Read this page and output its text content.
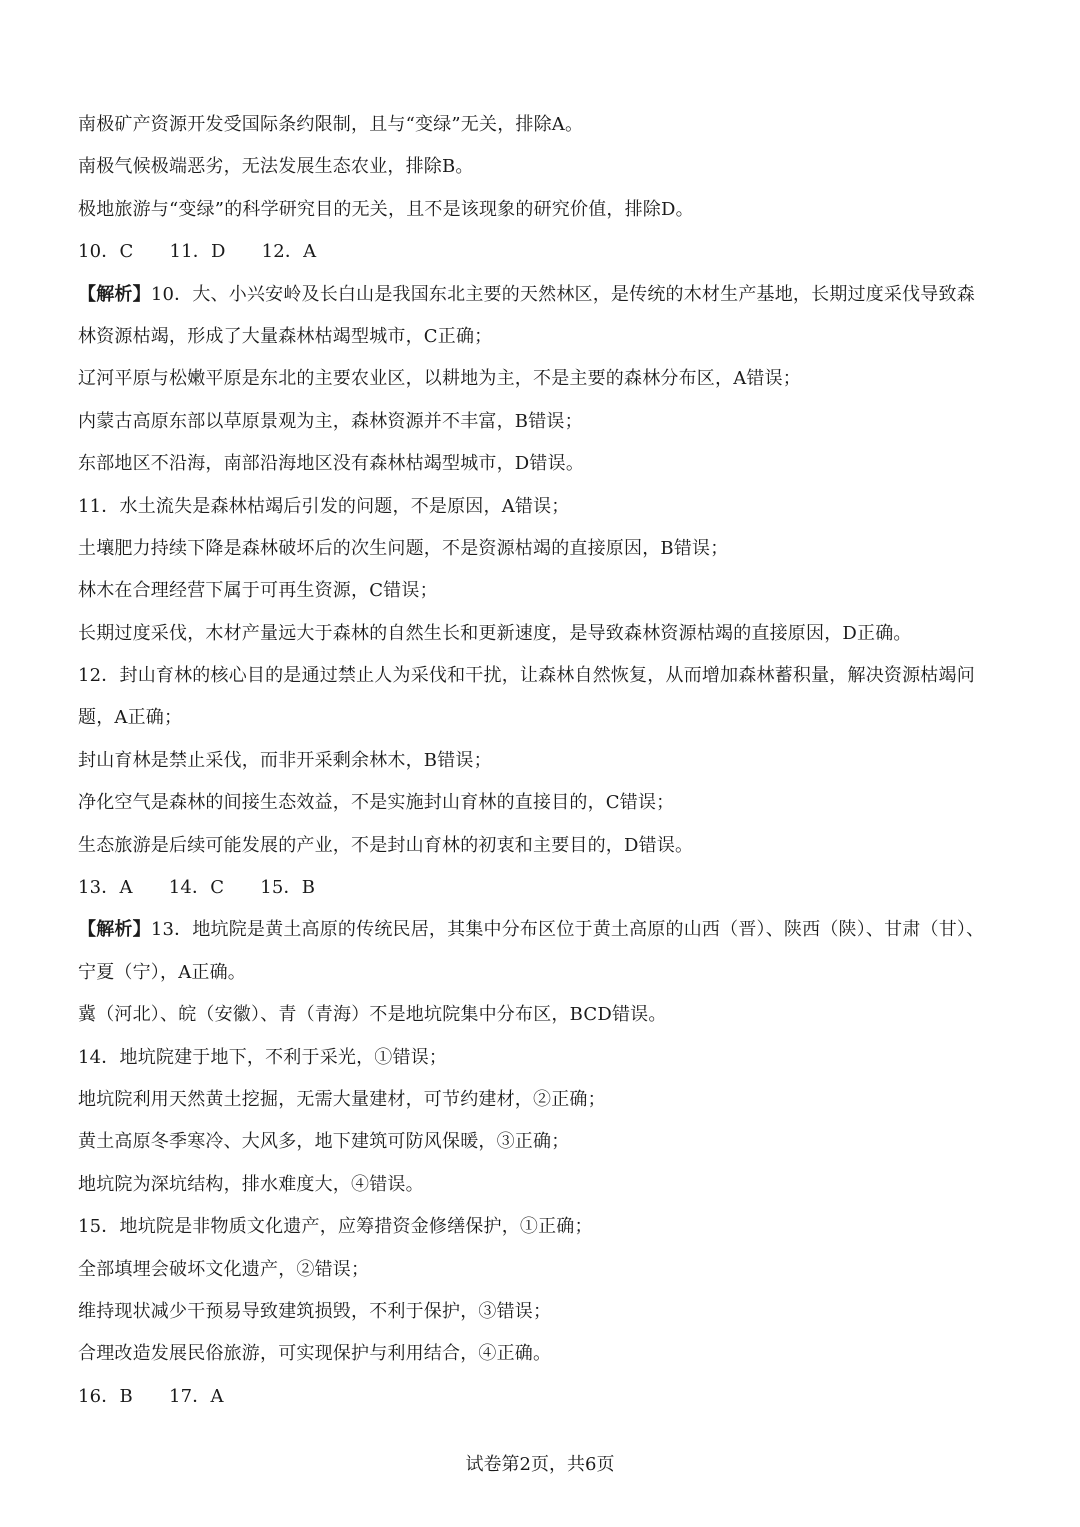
南极矿产资源开发受国际条约限制，且与“变绿”无关，排除A。
南极气候极端恶劣，无法发展生态农业，排除B。
极地旅游与“变绿”的科学研究目的无关，且不是该现象的研究价值，排除D。
10．C 11．D 12．A
【解析】10．大、小兴安岭及长白山是我国东北主要的天然林区，是传统的木材生产基地，长期过度采伐导致森
林资源枯竭，形成了大量森林枯竭型城市，C正确；
辽河平原与松嫩平原是东北的主要农业区，以耕地为主，不是主要的森林分布区，A错误；
内蒙古高原东部以草原景观为主，森林资源并不丰富，B错误；
东部地区不沿海，南部沿海地区没有森林枯竭型城市，D错误。
11．水土流失是森林枯竭后引发的问题，不是原因，A错误；
土壤肥力持续下降是森林破坏后的次生问题，不是资源枯竭的直接原因，B错误；
林木在合理经营下属于可再生资源，C错误；
长期过度采伐，木材产量远大于森林的自然生长和更新速度，是导致森林资源枯竭的直接原因，D正确。
12．封山育林的核心目的是通过禁止人为采伐和干扰，让森林自然恢复，从而增加森林蓄积量，解决资源枯竭问
题，A正确；
封山育林是禁止采伐，而非开采剩余林木，B错误；
净化空气是森林的间接生态效益，不是实施封山育林的直接目的，C错误；
生态旅游是后续可能发展的产业，不是封山育林的初衷和主要目的，D错误。
13．A 14．C 15．B
【解析】13．地坑院是黄土高原的传统民居，其集中分布区位于黄土高原的山西（晋）、陕西（陕）、甘肃（甘）、
宁夏（宁），A正确。
冀（河北）、皖（安徽）、青（青海）不是地坑院集中分布区，BCD错误。
14．地坑院建于地下，不利于采光，①错误；
地坑院利用天然黄土挖掘，无需大量建材，可节约建材，②正确；
黄土高原冬季寒冷、大风多，地下建筑可防风保暖，③正确；
地坑院为深坑结构，排水难度大，④错误。
15．地坑院是非物质文化遗产，应筹措资金修缮保护，①正确；
全部填埋会破坏文化遗产，②错误；
维持现状减少干预易导致建筑损毁，不利于保护，③错误；
合理改造发展民俗旅游，可实现保护与利用结合，④正确。
16．B 17．A
试卷第2页，共6页
